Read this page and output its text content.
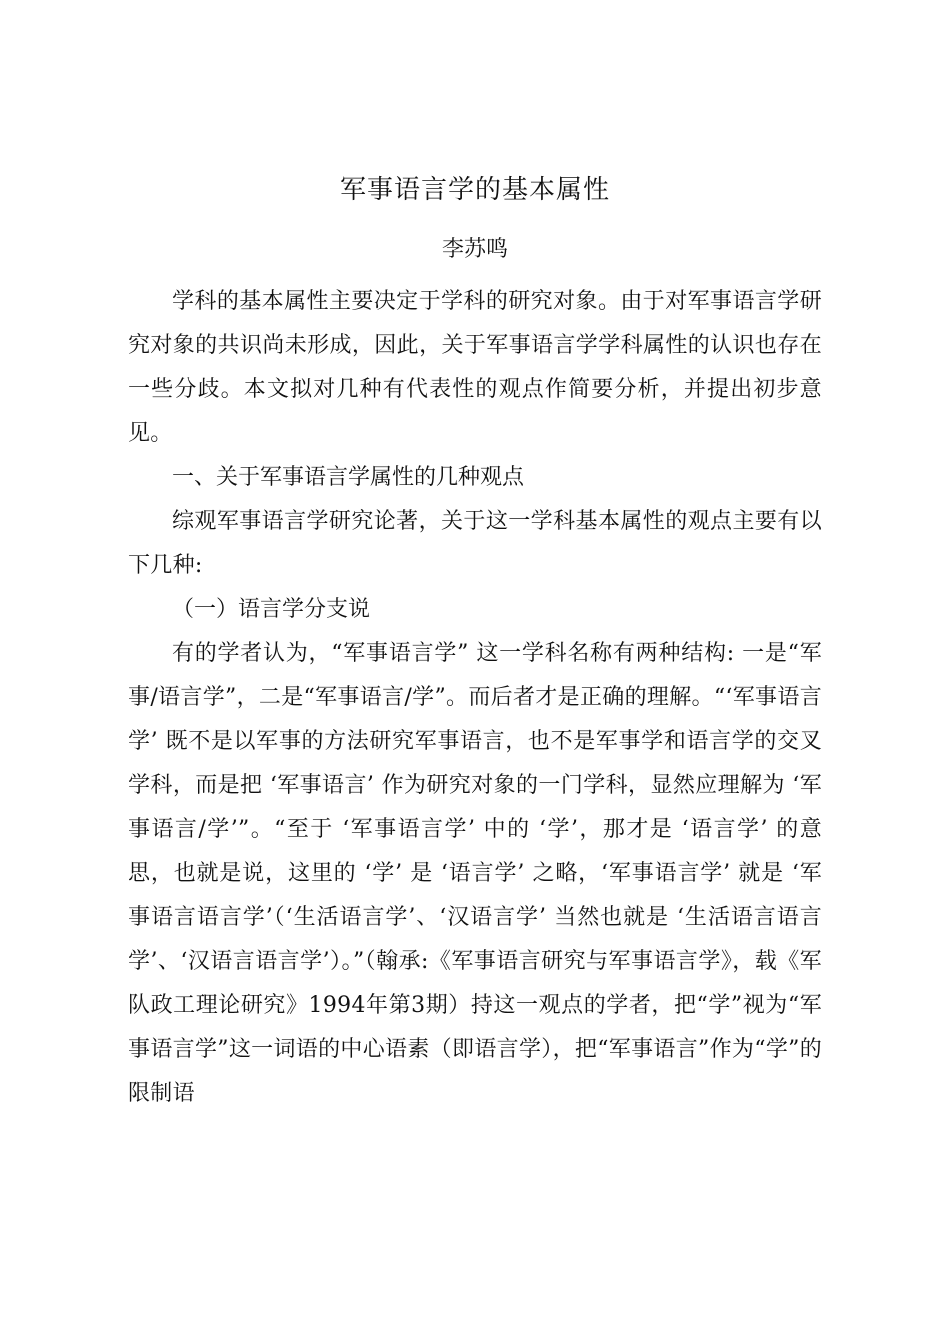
军事语言学的基本属性
李苏鸣

学科的基本属性主要决定于学科的研究对象。由于对军事语言学研究对象的共识尚未形成，因此，关于军事语言学学科属性的认识也存在一些分歧。本文拟对几种有代表性的观点作简要分析，并提出初步意见。

一、关于军事语言学属性的几种观点

综观军事语言学研究论著，关于这一学科基本属性的观点主要有以下几种:

（一）语言学分支说

有的学者认为，“军事语言学” 这一学科名称有两种结构: 一是“军事/语言学”，二是“军事语言/学”。而后者才是正确的理解。“‘军事语言学’ 既不是以军事的方法研究军事语言，也不是军事学和语言学的交叉学科，而是把 ‘军事语言’ 作为研究对象的一门学科，显然应理解为 ‘军事语言/学’”。“至于 ‘军事语言学’ 中的 ‘学’，那才是 ‘语言学’ 的意思，也就是说，这里的 ‘学’ 是 ‘语言学’ 之略，‘军事语言学’ 就是 ‘军事语言语言学’（‘生活语言学’、‘汉语言学’ 当然也就是 ‘生活语言语言学’、‘汉语言语言学’）。”（翰承:《军事语言研究与军事语言学》，载《军队政工理论研究》1994年第3期）持这一观点的学者，把“学”视为“军事语言学”这一词语的中心语素（即语言学），把“军事语言”作为“学”的限制语
